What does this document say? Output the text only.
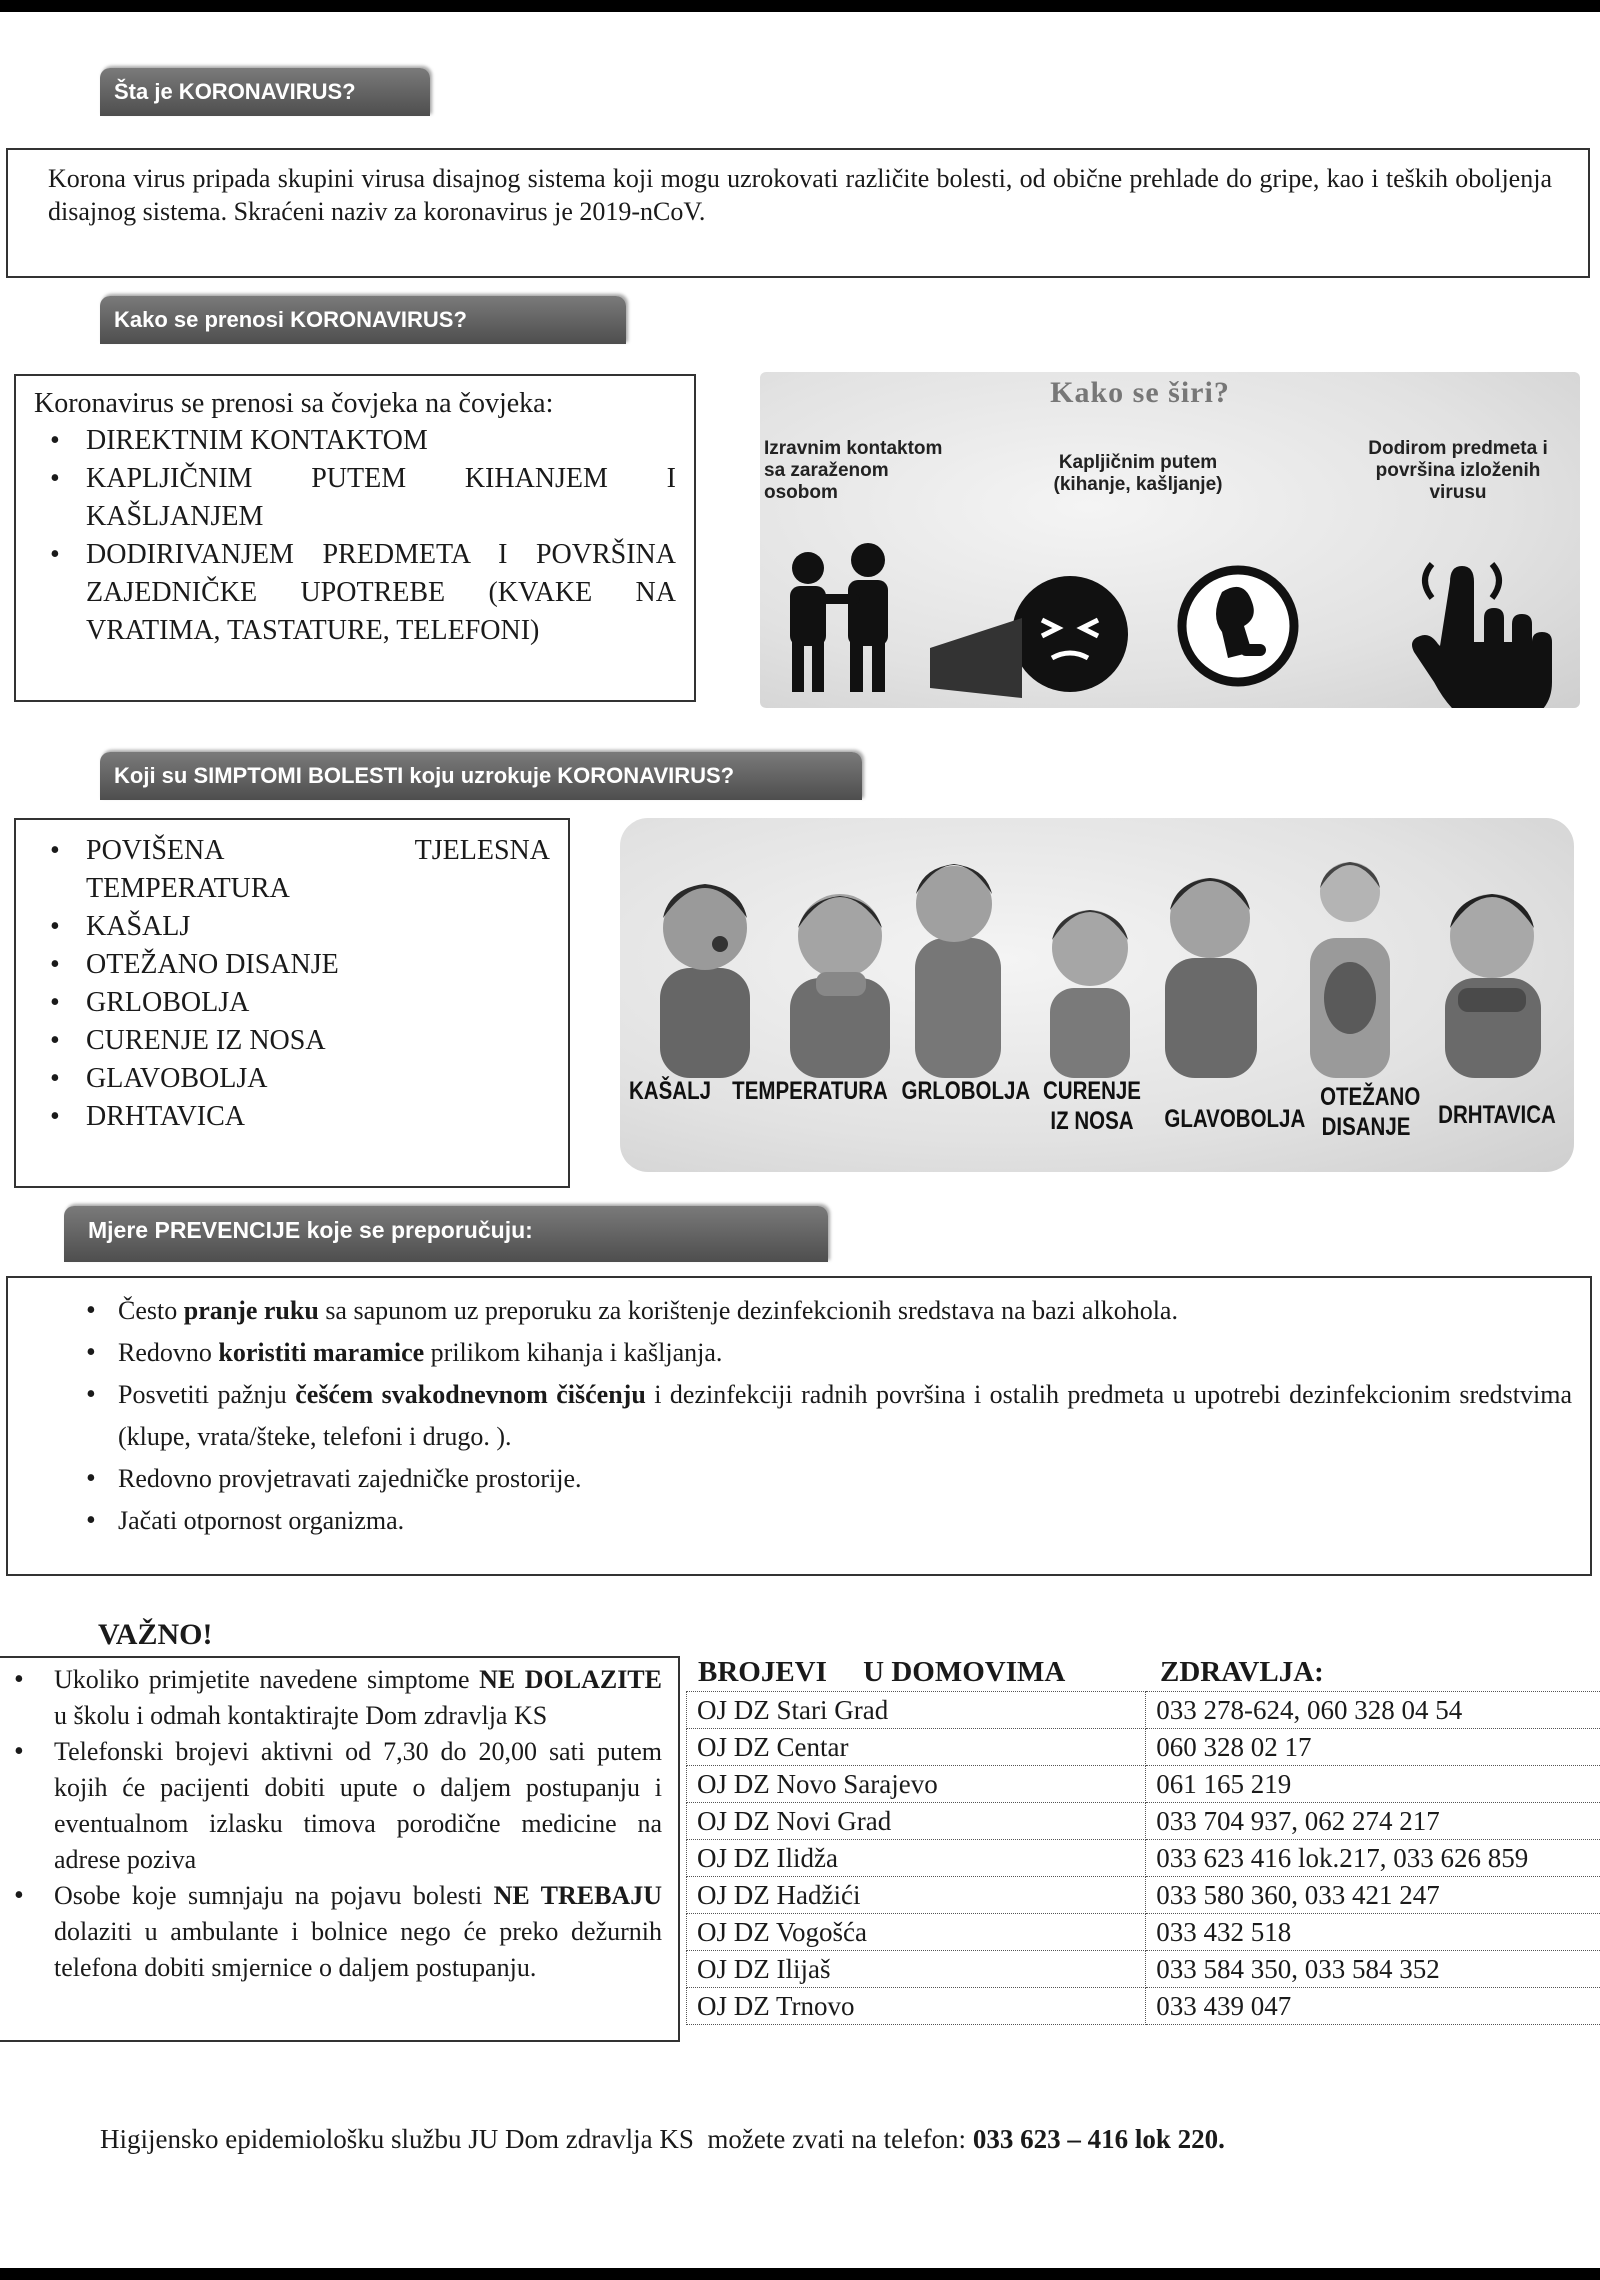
Šta je KORONAVIRUS?

Korona virus pripada skupini virusa disajnog sistema koji mogu uzrokovati različite bolesti, od obične prehlade do gripe, kao i teških oboljenja disajnog sistema. Skraćeni naziv za koronavirus je 2019-nCoV.

Kako se prenosi KORONAVIRUS?
Koronavirus se prenosi sa čovjeka na čovjeka:
• DIREKTNIM KONTAKTOM
• KAPLJIČNIM PUTEM KIHANJEM I KAŠLJANJEM
• DODIRIVANJEM PREDMETA I POVRŠINA ZAJEDNIČKE UPOTREBE (KVAKE NA VRATIMA, TASTATURE, TELEFONI)
Kako se širi?
Izravnim kontaktom sa zaraženom osobom
Kapljičnim putem (kihanje, kašljanje)
Dodirom predmeta i površina izloženih virusu
Koji su SIMPTOMI BOLESTI koju uzrokuje KORONAVIRUS?
• POVIŠENA TJELESNA TEMPERATURA
• KAŠALJ
• OTEŽANO DISANJE
• GRLOBOLJA
• CURENJE IZ NOSA
• GLAVOBOLJA
• DRHTAVICA
KAŠALJ TEMPERATURA GRLOBOLJA CURENJE IZ NOSA	GLAVOBOLJA
OTEŽANO DISANJE DRHTAVICA
Mjere PREVENCIJE koje se preporučuju:
• Često pranje ruku sa sapunom uz preporuku za korištenje dezinfekcionih sredstava na bazi alkohola.
• Redovno koristiti maramice prilikom kihanja i kašljanja.
• Posvetiti pažnju češćem svakodnevnom čišćenju i dezinfekciji radnih površina i ostalih predmeta u upotrebi dezinfekcionim sredstvima (klupe, vrata/šteke, telefoni i drugo. ).
• Redovno provjetravati zajedničke prostorije.
• Jačati otpornost organizma.
VAŽNO!
• Ukoliko primjetite navedene simptome NE DOLAZITE u školu i odmah kontaktirajte Dom zdravlja KS
• Telefonski brojevi aktivni od 7,30 do 20,00 sati putem kojih će pacijenti dobiti upute o daljem postupanju i eventualnom izlasku timova porodične medicine na adrese poziva
• Osobe koje sumnjaju na pojavu bolesti NE TREBAJU dolaziti u ambulante i bolnice nego će preko dežurnih telefona dobiti smjernice o daljem postupanju.
BROJEVI     U DOMOVIMA	ZDRAVLJA:
OJ DZ Stari Grad	033 278-624, 060 328 04 54
OJ DZ Centar	060 328 02 17
OJ DZ Novo Sarajevo	061 165 219
OJ DZ Novi Grad	033 704 937, 062 274 217
OJ DZ Ilidža	033 623 416 lok.217, 033 626 859
OJ DZ Hadžići	033 580 360, 033 421 247
OJ DZ Vogošća	033 432 518
OJ DZ Ilijaš	033 584 350, 033 584 352
OJ DZ Trnovo	033 439 047
Higijensko epidemiološku službu JU Dom zdravlja KS  možete zvati na telefon: 033 623 – 416 lok 220.
